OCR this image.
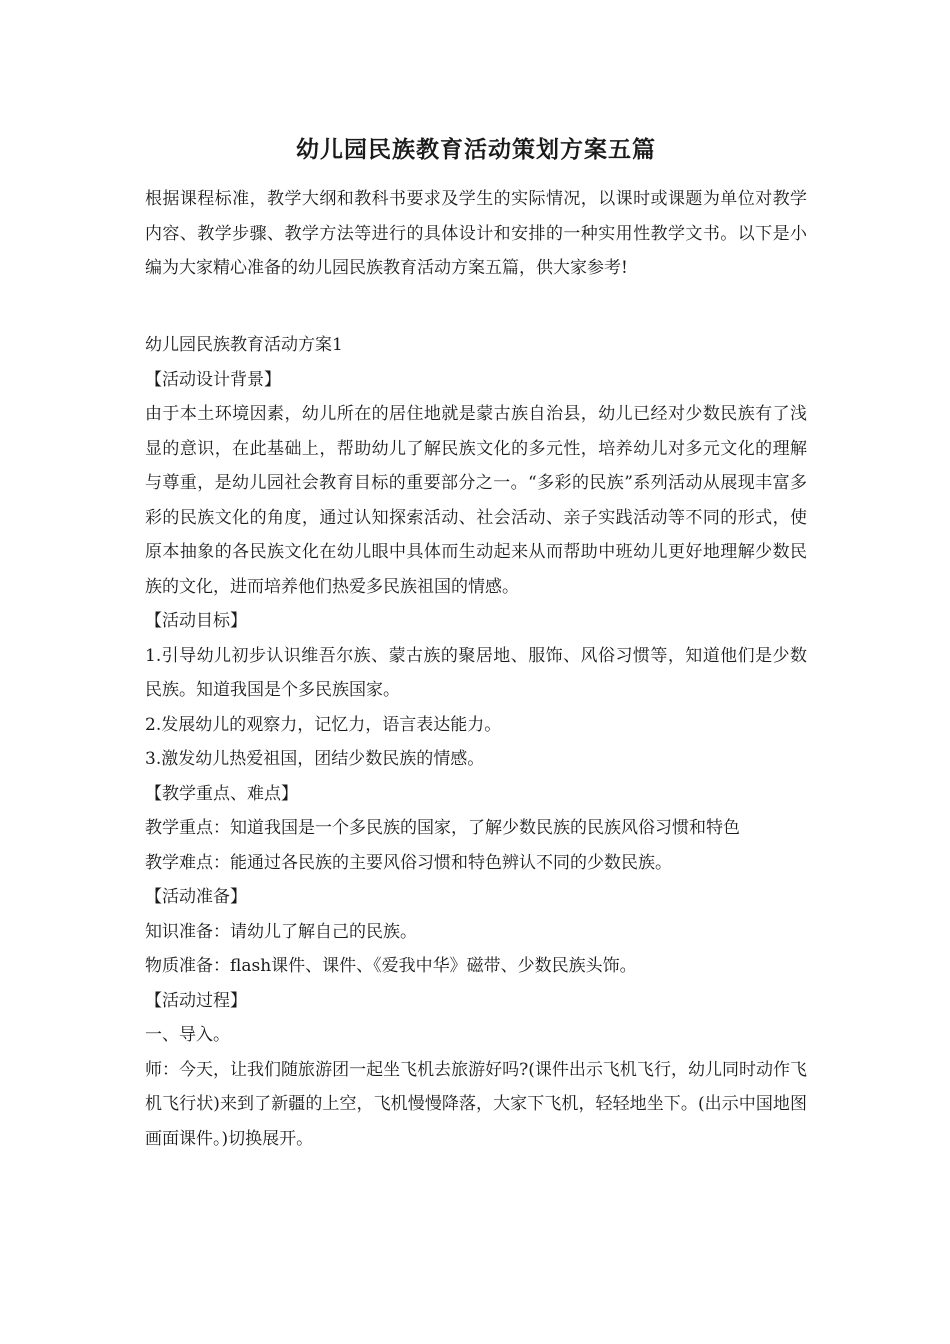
幼儿园民族教育活动策划方案五篇

根据课程标准，教学大纲和教科书要求及学生的实际情况，以课时或课题为单位对教学内容、教学步骤、教学方法等进行的具体设计和安排的一种实用性教学文书。以下是小编为大家精心准备的幼儿园民族教育活动方案五篇，供大家参考!

幼儿园民族教育活动方案1

【活动设计背景】

由于本土环境因素，幼儿所在的居住地就是蒙古族自治县，幼儿已经对少数民族有了浅显的意识，在此基础上，帮助幼儿了解民族文化的多元性，培养幼儿对多元文化的理解与尊重，是幼儿园社会教育目标的重要部分之一。“多彩的民族”系列活动从展现丰富多彩的民族文化的角度，通过认知探索活动、社会活动、亲子实践活动等不同的形式，使原本抽象的各民族文化在幼儿眼中具体而生动起来从而帮助中班幼儿更好地理解少数民族的文化，进而培养他们热爱多民族祖国的情感。

【活动目标】

1.引导幼儿初步认识维吾尔族、蒙古族的聚居地、服饰、风俗习惯等，知道他们是少数民族。知道我国是个多民族国家。

2.发展幼儿的观察力，记忆力，语言表达能力。

3.激发幼儿热爱祖国，团结少数民族的情感。

【教学重点、难点】

教学重点：知道我国是一个多民族的国家，了解少数民族的民族风俗习惯和特色

教学难点：能通过各民族的主要风俗习惯和特色辨认不同的少数民族。

【活动准备】

知识准备：请幼儿了解自己的民族。

物质准备：flash课件、课件、《爱我中华》磁带、少数民族头饰。

【活动过程】

一、导入。

师：今天，让我们随旅游团一起坐飞机去旅游好吗?(课件出示飞机飞行，幼儿同时动作飞机飞行状)来到了新疆的上空，飞机慢慢降落，大家下飞机，轻轻地坐下。(出示中国地图画面课件。)切换展开。
